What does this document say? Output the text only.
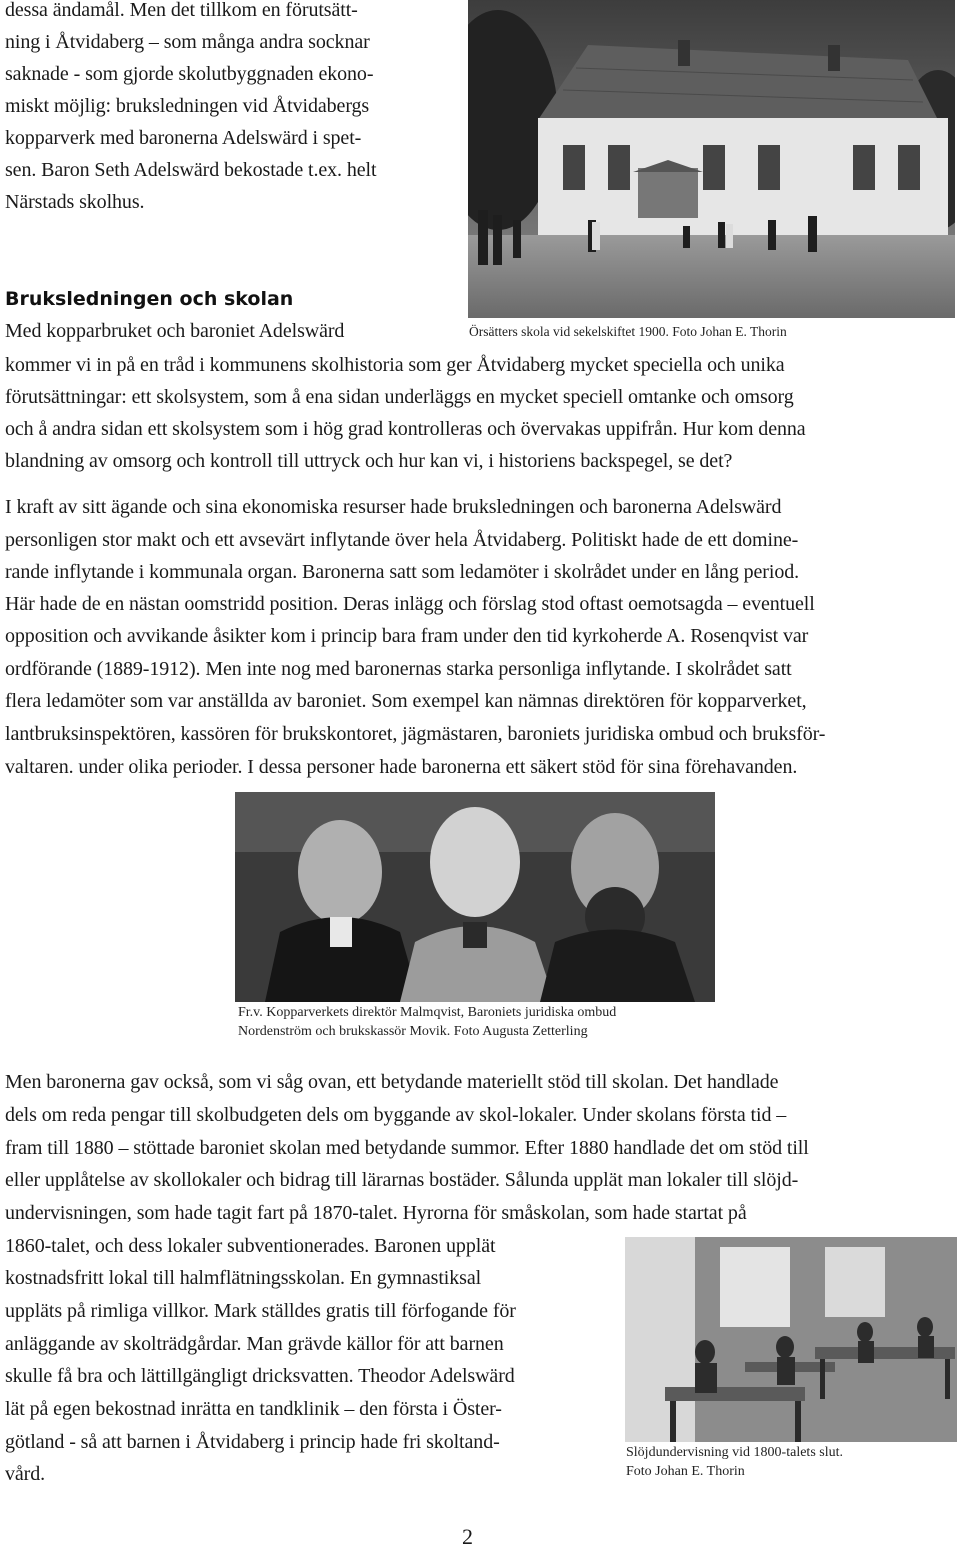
dessa ändamål. Men det tillkom en förutsätt-
ning i Åtvidaberg – som många andra socknar
saknade - som gjorde skolutbyggnaden ekono-
miskt möjlig: bruksledningen vid Åtvidabergs
kopparverk med baronerna Adelswärd i spet-
sen. Baron Seth Adelswärd bekostade t.ex. helt
Närstads skolhus.
Örsätters skola vid sekelskiftet 1900. Foto Johan E. Thorin
Bruksledningen och skolan
Med kopparbruket och baroniet Adelswärd
kommer vi in på en tråd i kommunens skolhistoria som ger Åtvidaberg mycket speciella och unika
förutsättningar: ett skolsystem, som å ena sidan underläggs en mycket speciell omtanke och omsorg
och å andra sidan ett skolsystem som i hög grad kontrolleras och övervakas uppifrån. Hur kom denna
blandning av omsorg och kontroll till uttryck och hur kan vi, i historiens backspegel, se det?
I kraft av sitt ägande och sina ekonomiska resurser hade bruksledningen och baronerna Adelswärd
personligen stor makt och ett avsevärt inflytande över hela Åtvidaberg. Politiskt hade de ett domine-
rande inflytande i kommunala organ. Baronerna satt som ledamöter i skolrådet under en lång period.
Här hade de en nästan oomstridd position. Deras inlägg och förslag stod oftast oemotsagda – eventuell
opposition och avvikande åsikter kom i princip bara fram under den tid kyrkoherde A. Rosenqvist var
ordförande (1889-1912). Men inte nog med baronernas starka personliga inflytande. I skolrådet satt
flera ledamöter som var anställda av baroniet. Som exempel kan nämnas direktören för kopparverket,
lantbruksinspektören, kassören för brukskontoret, jägmästaren, baroniets juridiska ombud och bruksför-
valtaren. under olika perioder. I dessa personer hade baronerna ett säkert stöd för sina förehavanden.
Fr.v. Kopparverkets direktör Malmqvist, Baroniets juridiska ombud
Nordenström och brukskassör Movik. Foto Augusta Zetterling
Men baronerna gav också, som vi såg ovan, ett betydande materiellt stöd till skolan. Det handlade
dels om reda pengar till skolbudgeten dels om byggande av skol-lokaler. Under skolans första tid –
fram till 1880 – stöttade baroniet skolan med betydande summor. Efter 1880 handlade det om stöd till
eller upplåtelse av skollokaler och bidrag till lärarnas bostäder. Sålunda upplät man lokaler till slöjd-
undervisningen, som hade tagit fart på 1870-talet. Hyrorna för småskolan, som hade startat på
1860-talet, och dess lokaler subventionerades. Baronen upplät
kostnadsfritt lokal till halmflätningsskolan. En gymnastiksal
uppläts på rimliga villkor. Mark ställdes gratis till förfogande för
anläggande av skolträdgårdar. Man grävde källor för att barnen
skulle få bra och lättillgängligt dricksvatten. Theodor Adelswärd
lät på egen bekostnad inrätta en tandklinik – den första i Öster-
götland - så att barnen i Åtvidaberg i princip hade fri skoltand-
vård.
Slöjdundervisning vid 1800-talets slut.
Foto Johan E. Thorin
2
